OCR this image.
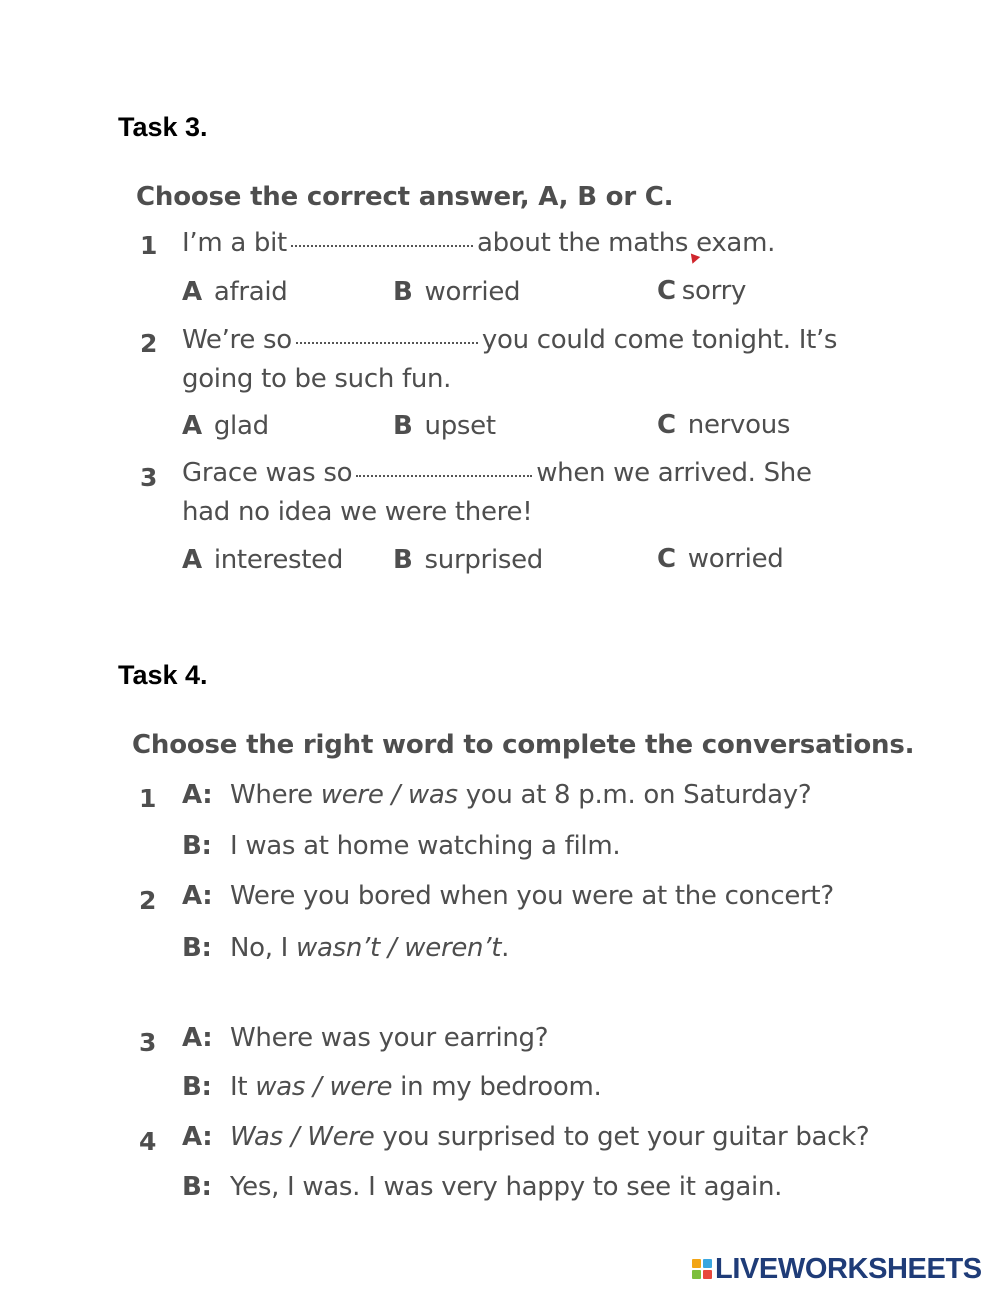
Task 3.
Choose the correct answer, A, B or C.
1 I’m a bit	about the maths exam.
A afraid	B worried	C sorry
2 We’re so	you could come tonight. It’s
going to be such fun.
A glad	B upset	C nervous
3 Grace was so	when we arrived. She
had no idea we were there!
A interested B surprised	C worried
Task 4.
Choose the right word to complete the conversations.
1 A: Where were / was you at 8 p.m. on Saturday?
B: I was at home watching a film.
2 A: Were you bored when you were at the concert?
B: No, I wasn’t / weren’t.
3 A: Where was your earring?
B: It was / were in my bedroom.
4 A: Was / Were you surprised to get your guitar back?
B: Yes, I was. I was very happy to see it again.
LIVEWORKSHEETS
